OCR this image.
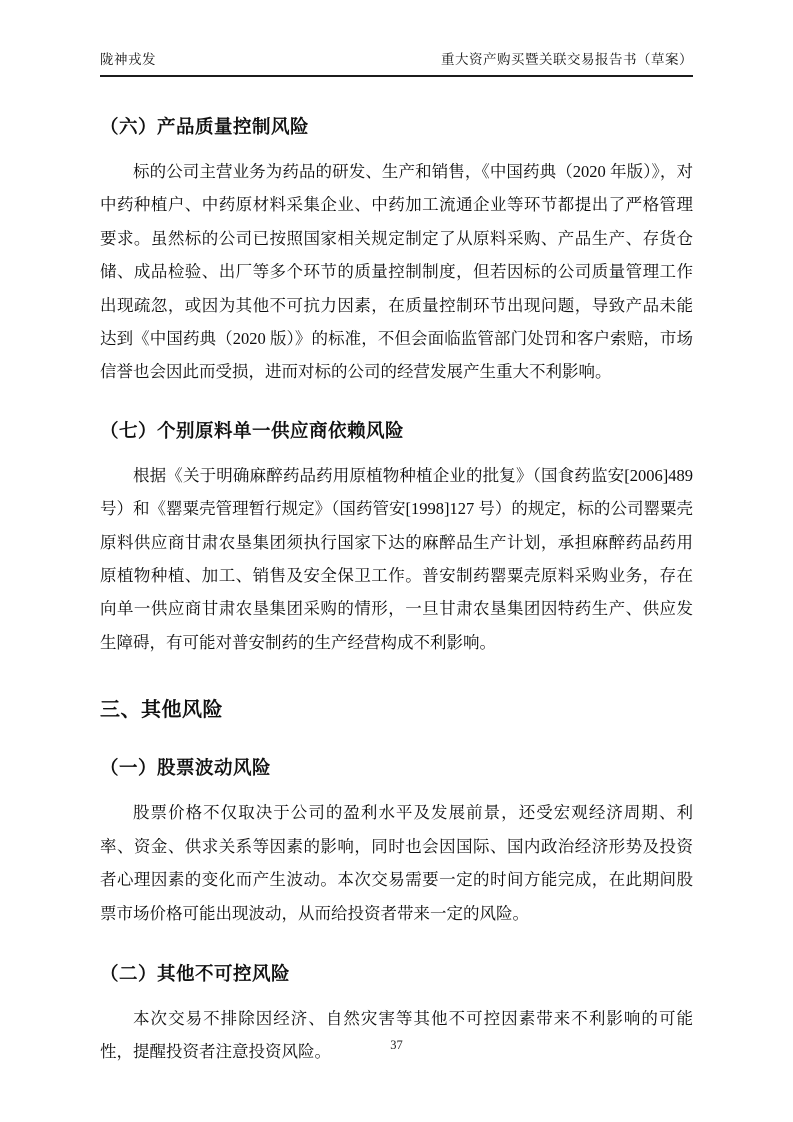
陇神戎发	重大资产购买暨关联交易报告书（草案）
（六）产品质量控制风险

标的公司主营业务为药品的研发、生产和销售，《中国药典（2020 年版）》，对中药种植户、中药原材料采集企业、中药加工流通企业等环节都提出了严格管理要求。虽然标的公司已按照国家相关规定制定了从原料采购、产品生产、存货仓储、成品检验、出厂等多个环节的质量控制制度，但若因标的公司质量管理工作出现疏忽，或因为其他不可抗力因素，在质量控制环节出现问题，导致产品未能达到《中国药典（2020 版）》的标准，不但会面临监管部门处罚和客户索赔，市场信誉也会因此而受损，进而对标的公司的经营发展产生重大不利影响。

（七）个别原料单一供应商依赖风险

根据《关于明确麻醉药品药用原植物种植企业的批复》（国食药监安[2006]489 号）和《罂粟壳管理暂行规定》（国药管安[1998]127 号）的规定，标的公司罂粟壳原料供应商甘肃农垦集团须执行国家下达的麻醉品生产计划，承担麻醉药品药用原植物种植、加工、销售及安全保卫工作。普安制药罂粟壳原料采购业务，存在向单一供应商甘肃农垦集团采购的情形，一旦甘肃农垦集团因特药生产、供应发生障碍，有可能对普安制药的生产经营构成不利影响。

三、其他风险
（一）股票波动风险

股票价格不仅取决于公司的盈利水平及发展前景，还受宏观经济周期、利率、资金、供求关系等因素的影响，同时也会因国际、国内政治经济形势及投资者心理因素的变化而产生波动。本次交易需要一定的时间方能完成，在此期间股票市场价格可能出现波动，从而给投资者带来一定的风险。

（二）其他不可控风险

本次交易不排除因经济、自然灾害等其他不可控因素带来不利影响的可能性，提醒投资者注意投资风险。	37
